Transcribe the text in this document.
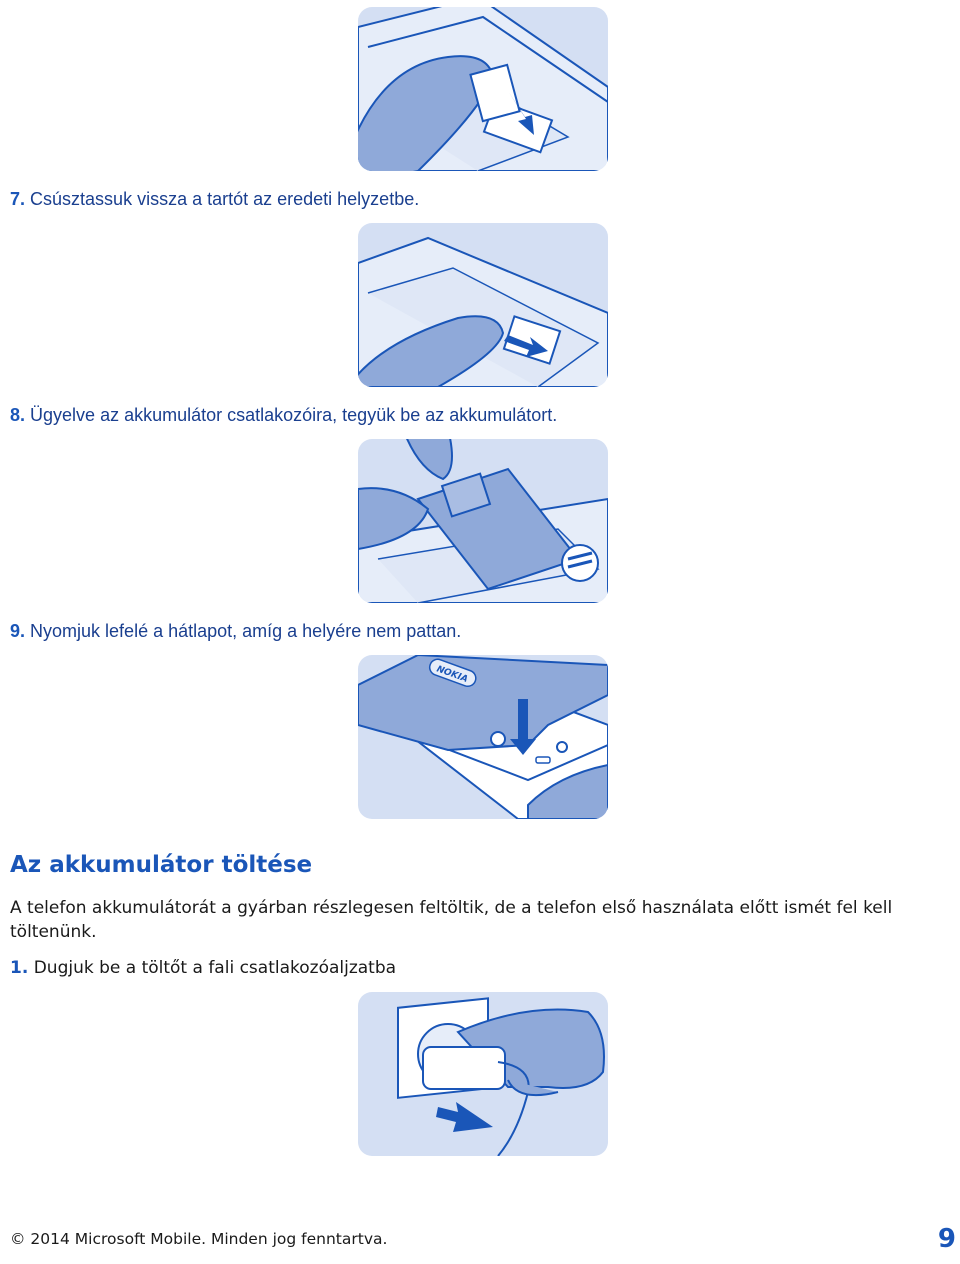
7. Csúsztassuk vissza a tartót az eredeti helyzetbe.
8. Ügyelve az akkumulátor csatlakozóira, tegyük be az akkumulátort.
9. Nyomjuk lefelé a hátlapot, amíg a helyére nem pattan.
NOKIA
Az akkumulátor töltése
A telefon akkumulátorát a gyárban részlegesen feltöltik, de a telefon első használata előtt ismét fel kell töltenünk.
1. Dugjuk be a töltőt a fali csatlakozóaljzatba
© 2014 Microsoft Mobile. Minden jog fenntartva.	9
